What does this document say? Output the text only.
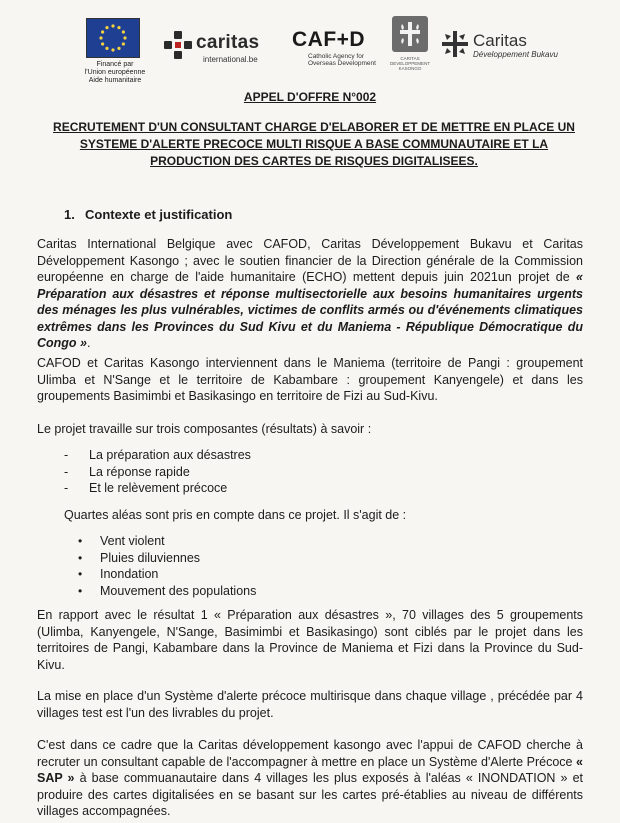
Financé par
l'Union européenne
Aide humanitaire
caritas
international.be
CAF+D
Catholic Agency for
Overseas Development
CARITAS DEVELOPPEMENT KASONGO
Caritas
Développement Bukavu
APPEL D'OFFRE N°002
RECRUTEMENT D'UN CONSULTANT CHARGE D'ELABORER ET DE METTRE EN PLACE UN SYSTEME D'ALERTE PRECOCE MULTI RISQUE A BASE COMMUNAUTAIRE ET LA PRODUCTION DES CARTES DE RISQUES DIGITALISEES.
1. Contexte et justification
Caritas International Belgique avec CAFOD, Caritas Développement Bukavu et Caritas Développement Kasongo ; avec le soutien financier de la Direction générale de la Commission européenne en charge de l'aide humanitaire (ECHO) mettent depuis juin 2021un projet de « Préparation aux désastres et réponse multisectorielle aux besoins humanitaires urgents des ménages les plus vulnérables, victimes de conflits armés ou d'événements climatiques extrêmes dans les Provinces du Sud Kivu et du Maniema - République Démocratique du Congo ».
CAFOD et Caritas Kasongo interviennent dans le Maniema (territoire de Pangi : groupement Ulimba et N'Sange et le territoire de Kabambare : groupement Kanyengele) et dans les groupements Basimimbi et Basikasingo en territoire de Fizi au Sud-Kivu.
Le projet travaille sur trois composantes (résultats) à savoir :
- La préparation aux désastres
- La réponse rapide
- Et le relèvement précoce
Quartes aléas sont pris en compte dans ce projet. Il s'agit de :
• Vent violent
• Pluies diluviennes
• Inondation
• Mouvement des populations
En rapport avec le résultat 1 « Préparation aux désastres », 70 villages des 5 groupements (Ulimba, Kanyengele, N'Sange, Basimimbi et Basikasingo) sont ciblés par le projet dans les territoires de Pangi, Kabambare dans la Province de Maniema et Fizi dans la Province du Sud-Kivu.
La mise en place d'un Système d'alerte précoce multirisque dans chaque village , précédée par 4 villages test est l'un des livrables du projet.
C'est dans ce cadre que la Caritas développement kasongo avec l'appui de CAFOD cherche à recruter un consultant capable de l'accompagner à mettre en place un Système d'Alerte Précoce « SAP » à base commuanautaire dans 4 villages les plus exposés à l'aléas « INONDATION » et produire des cartes digitalisées en se basant sur les cartes pré-établies au niveau de différents villages accompagnées.
